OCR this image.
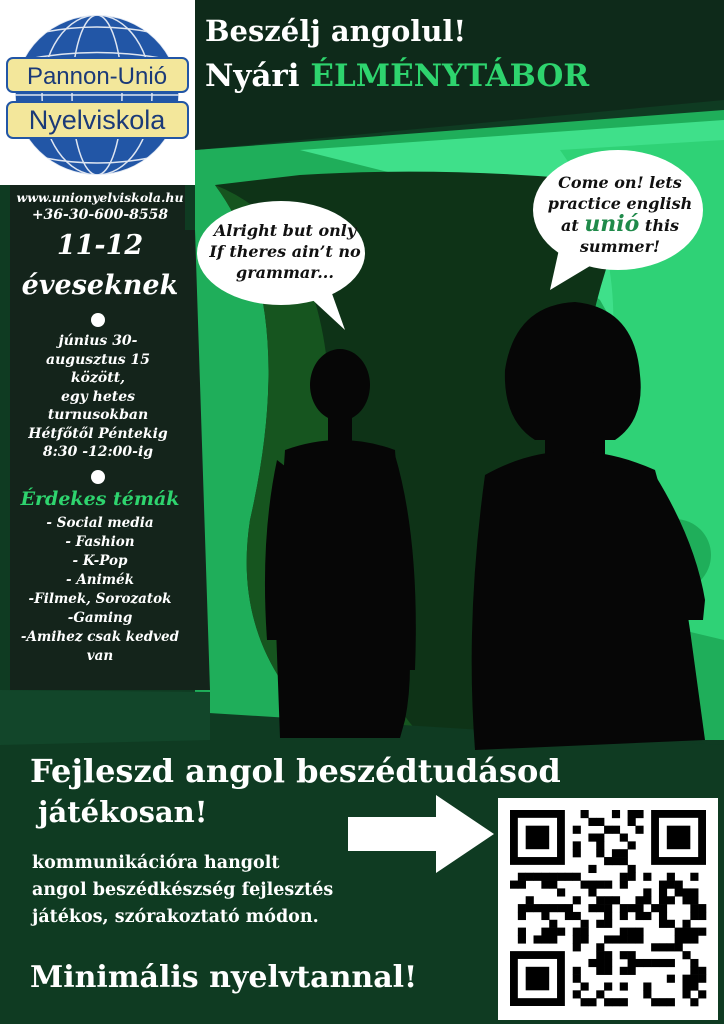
Pannon-Unió
Nyelviskola
Beszélj angolul!
Nyári ÉLMÉNYTÁBOR
www.unionyelviskola.hu
+36-30-600-8558
11-12
éveseknek
június 30-
augusztus 15
között,
egy hetes
turnusokban
Hétfőtől Péntekig
8:30 -12:00-ig
Érdekes témák
- Social media
- Fashion
- K-Pop
- Animék
-Filmek, Sorozatok
-Gaming
-Amihez csak kedved
van
Alright but only
If theres ain’t no
grammar...
Come on! lets
practice english
at unió this
summer!
Fejleszd angol beszédtudásod
játékosan!
kommunikációra hangolt
angol beszédkészség fejlesztés
játékos, szórakoztató módon.
Minimális nyelvtannal!
